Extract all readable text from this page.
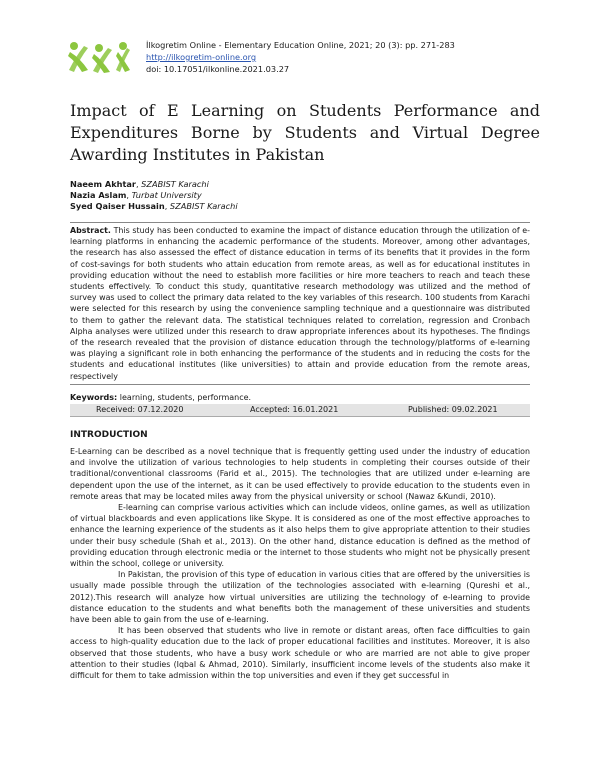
İlkogretim Online - Elementary Education Online, 2021; 20 (3): pp. 271-283
http://ilkogretim-online.org
doi: 10.17051/ilkonline.2021.03.27
Impact of E Learning on Students Performance and Expenditures Borne by Students and Virtual Degree Awarding Institutes in Pakistan
Naeem Akhtar, SZABIST Karachi
Nazia Aslam, Turbat University
Syed Qaiser Hussain, SZABIST Karachi

Abstract. This study has been conducted to examine the impact of distance education through the utilization of e-learning platforms in enhancing the academic performance of the students. Moreover, among other advantages, the research has also assessed the effect of distance education in terms of its benefits that it provides in the form of cost-savings for both students who attain education from remote areas, as well as for educational institutes in providing education without the need to establish more facilities or hire more teachers to reach and teach these students effectively. To conduct this study, quantitative research methodology was utilized and the method of survey was used to collect the primary data related to the key variables of this research. 100 students from Karachi were selected for this research by using the convenience sampling technique and a questionnaire was distributed to them to gather the relevant data. The statistical techniques related to correlation, regression and Cronbach Alpha analyses were utilized under this research to draw appropriate inferences about its hypotheses. The findings of the research revealed that the provision of distance education through the technology/platforms of e-learning was playing a significant role in both enhancing the performance of the students and in reducing the costs for the students and educational institutes (like universities) to attain and provide education from the remote areas, respectively

Keywords: learning, students, performance.
Received: 07.12.2020	Accepted: 16.01.2021	Published: 09.02.2021
INTRODUCTION

E-Learning can be described as a novel technique that is frequently getting used under the industry of education and involve the utilization of various technologies to help students in completing their courses outside of their traditional/conventional classrooms (Farid et al., 2015). The technologies that are utilized under e-learning are dependent upon the use of the internet, as it can be used effectively to provide education to the students even in remote areas that may be located miles away from the physical university or school (Nawaz &Kundi, 2010).

E-learning can comprise various activities which can include videos, online games, as well as utilization of virtual blackboards and even applications like Skype. It is considered as one of the most effective approaches to enhance the learning experience of the students as it also helps them to give appropriate attention to their studies under their busy schedule (Shah et al., 2013). On the other hand, distance education is defined as the method of providing education through electronic media or the internet to those students who might not be physically present within the school, college or university.

In Pakistan, the provision of this type of education in various cities that are offered by the universities is usually made possible through the utilization of the technologies associated with e-learning (Qureshi et al., 2012).This research will analyze how virtual universities are utilizing the technology of e-learning to provide distance education to the students and what benefits both the management of these universities and students have been able to gain from the use of e-learning.

It has been observed that students who live in remote or distant areas, often face difficulties to gain access to high-quality education due to the lack of proper educational facilities and institutes. Moreover, it is also observed that those students, who have a busy work schedule or who are married are not able to give proper attention to their studies (Iqbal & Ahmad, 2010). Similarly, insufficient income levels of the students also make it difficult for them to take admission within the top universities and even if they get successful in
